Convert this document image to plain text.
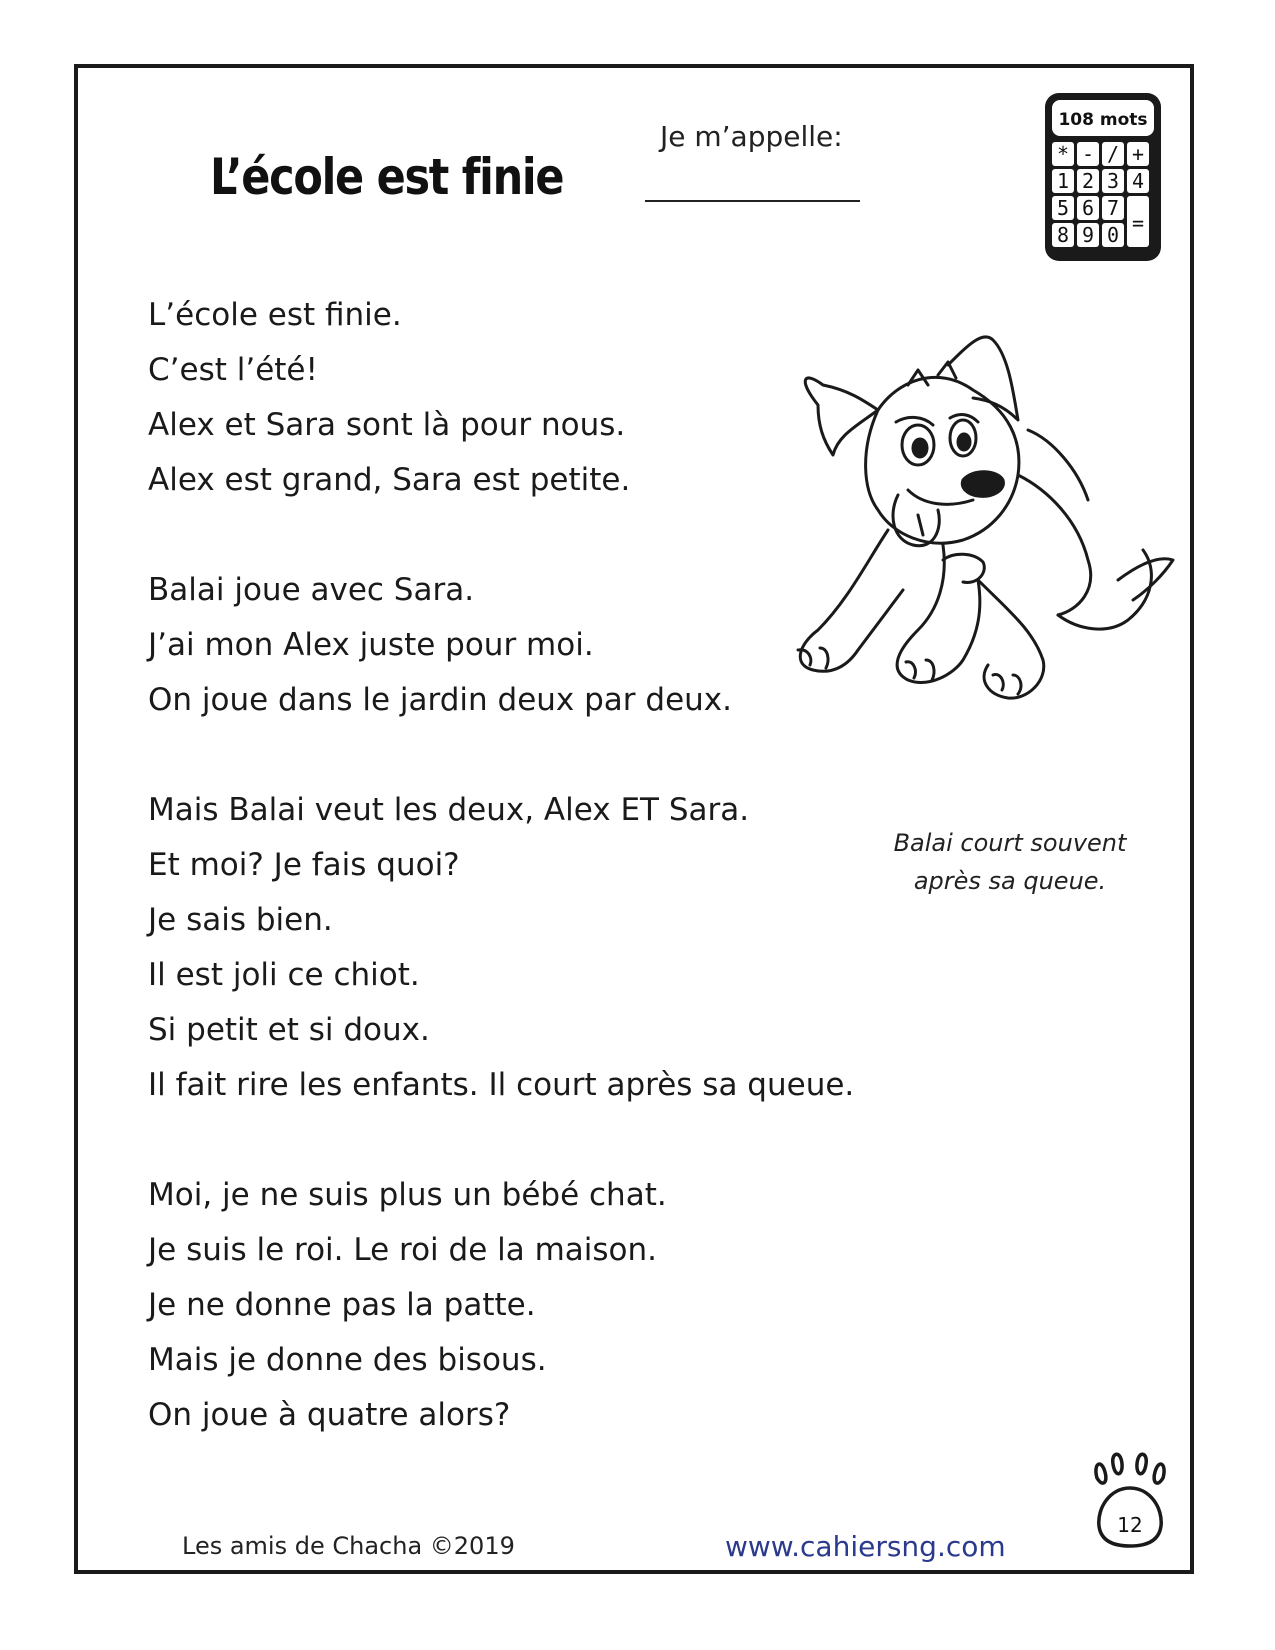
L’école est finie
Je m’appelle:	108 mots
* - / +
1 2 3 4
5 6 7
=
8 9 0
L’école est finie.
C’est l’été!
Alex et Sara sont là pour nous.
Alex est grand, Sara est petite.
Balai joue avec Sara.
J’ai mon Alex juste pour moi.
On joue dans le jardin deux par deux.
Mais Balai veut les deux, Alex ET Sara.
Et moi? Je fais quoi?
Je sais bien.
Il est joli ce chiot.
Si petit et si doux.
Il fait rire les enfants. Il court après sa queue.
Moi, je ne suis plus un bébé chat.
Je suis le roi. Le roi de la maison.
Je ne donne pas la patte.
Mais je donne des bisous.
On joue à quatre alors?
Balai court souvent
après sa queue.
Les amis de Chacha ©2019	www.cahiersng.com
12
